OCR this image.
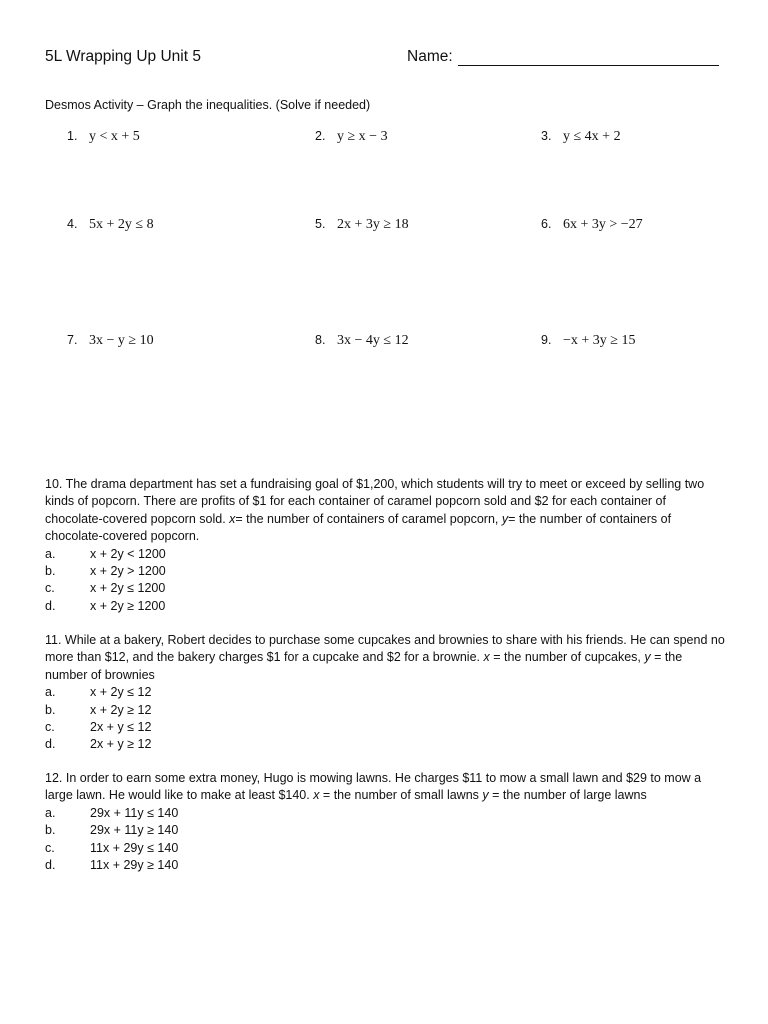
5L Wrapping Up Unit 5	Name:
Desmos Activity – Graph the inequalities. (Solve if needed)
1. y < x + 5	2. y ≥ x − 3	3. y ≤ 4x + 2
4. 5x + 2y ≤ 8	5. 2x + 3y ≥ 18	6. 6x + 3y > −27
7. 3x − y ≥ 10	8. 3x − 4y ≤ 12	9. −x + 3y ≥ 15

10. The drama department has set a fundraising goal of $1,200, which students will try to meet or exceed by selling two kinds of popcorn. There are profits of $1 for each container of caramel popcorn sold and $2 for each container of chocolate-covered popcorn sold. x= the number of containers of caramel popcorn, y= the number of containers of chocolate-covered popcorn.

a.	x + 2y < 1200
b.	x + 2y > 1200
c.	x + 2y ≤ 1200
d.	x + 2y ≥ 1200

11. While at a bakery, Robert decides to purchase some cupcakes and brownies to share with his friends. He can spend no more than $12, and the bakery charges $1 for a cupcake and $2 for a brownie. x = the number of cupcakes, y = the number of brownies

a.	x + 2y ≤ 12
b.	x + 2y ≥ 12
c.	2x + y ≤ 12
d.	2x + y ≥ 12

12. In order to earn some extra money, Hugo is mowing lawns. He charges $11 to mow a small lawn and $29 to mow a large lawn. He would like to make at least $140. x = the number of small lawns y = the number of large lawns

a.	29x + 11y ≤ 140
b.	29x + 11y ≥ 140
c.	11x + 29y ≤ 140
d.	11x + 29y ≥ 140
